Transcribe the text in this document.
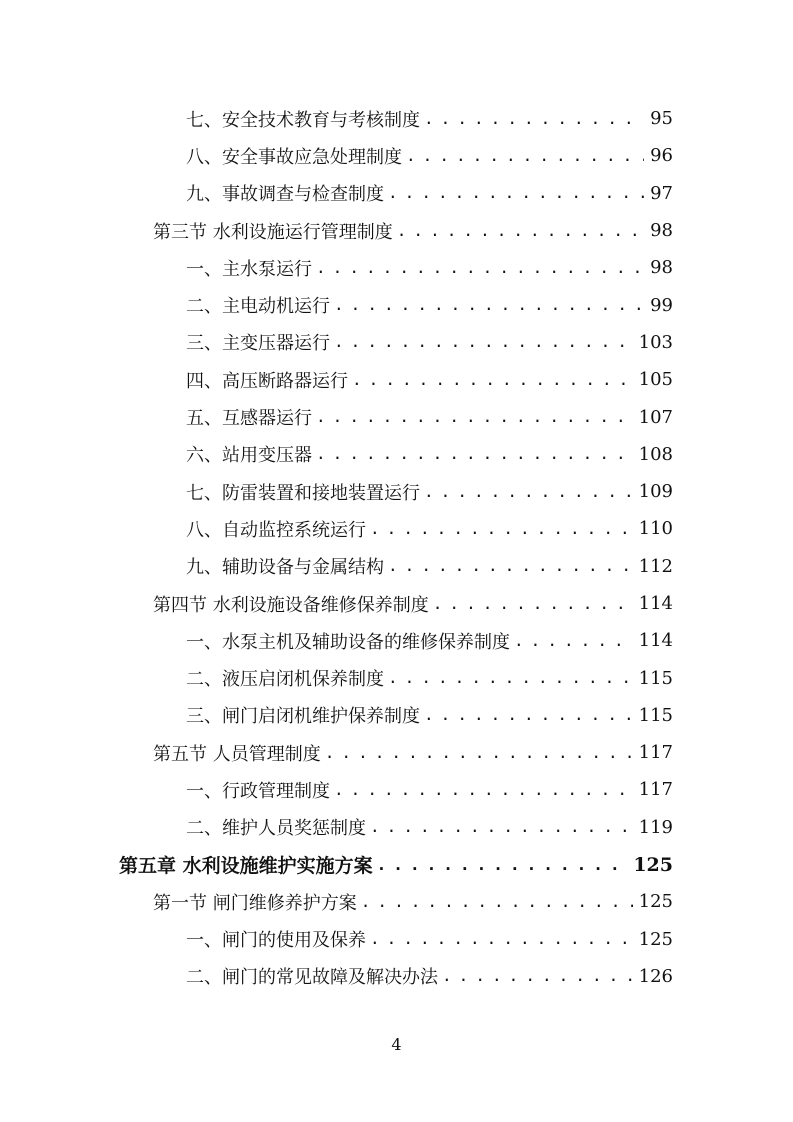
七、安全技术教育与考核制度 . . .	95
八、安全事故应急处理制度 . . .	96
九、事故调查与检查制度 . . .	97
第三节 水利设施运行管理制度 . . .	98
一、主水泵运行 . . .	98
二、主电动机运行 . . .	99
三、主变压器运行 . . .	103
四、高压断路器运行 . . .	105
五、互感器运行 . . .	107
六、站用变压器 . . .	108
七、防雷装置和接地装置运行 . . .	109
八、自动监控系统运行 . . .	110
九、辅助设备与金属结构 . . .	112
第四节 水利设施设备维修保养制度 . . .	114
一、水泵主机及辅助设备的维修保养制度 . . .	114
二、液压启闭机保养制度 . . .	115
三、闸门启闭机维护保养制度 . . .	115
第五节 人员管理制度 . . .	117
一、行政管理制度 . . .	117
二、维护人员奖惩制度 . . .	119
第五章 水利设施维护实施方案 . . .	125
第一节 闸门维修养护方案 . . .	125
一、闸门的使用及保养 . . .	125
二、闸门的常见故障及解决办法 . . .	126
4
